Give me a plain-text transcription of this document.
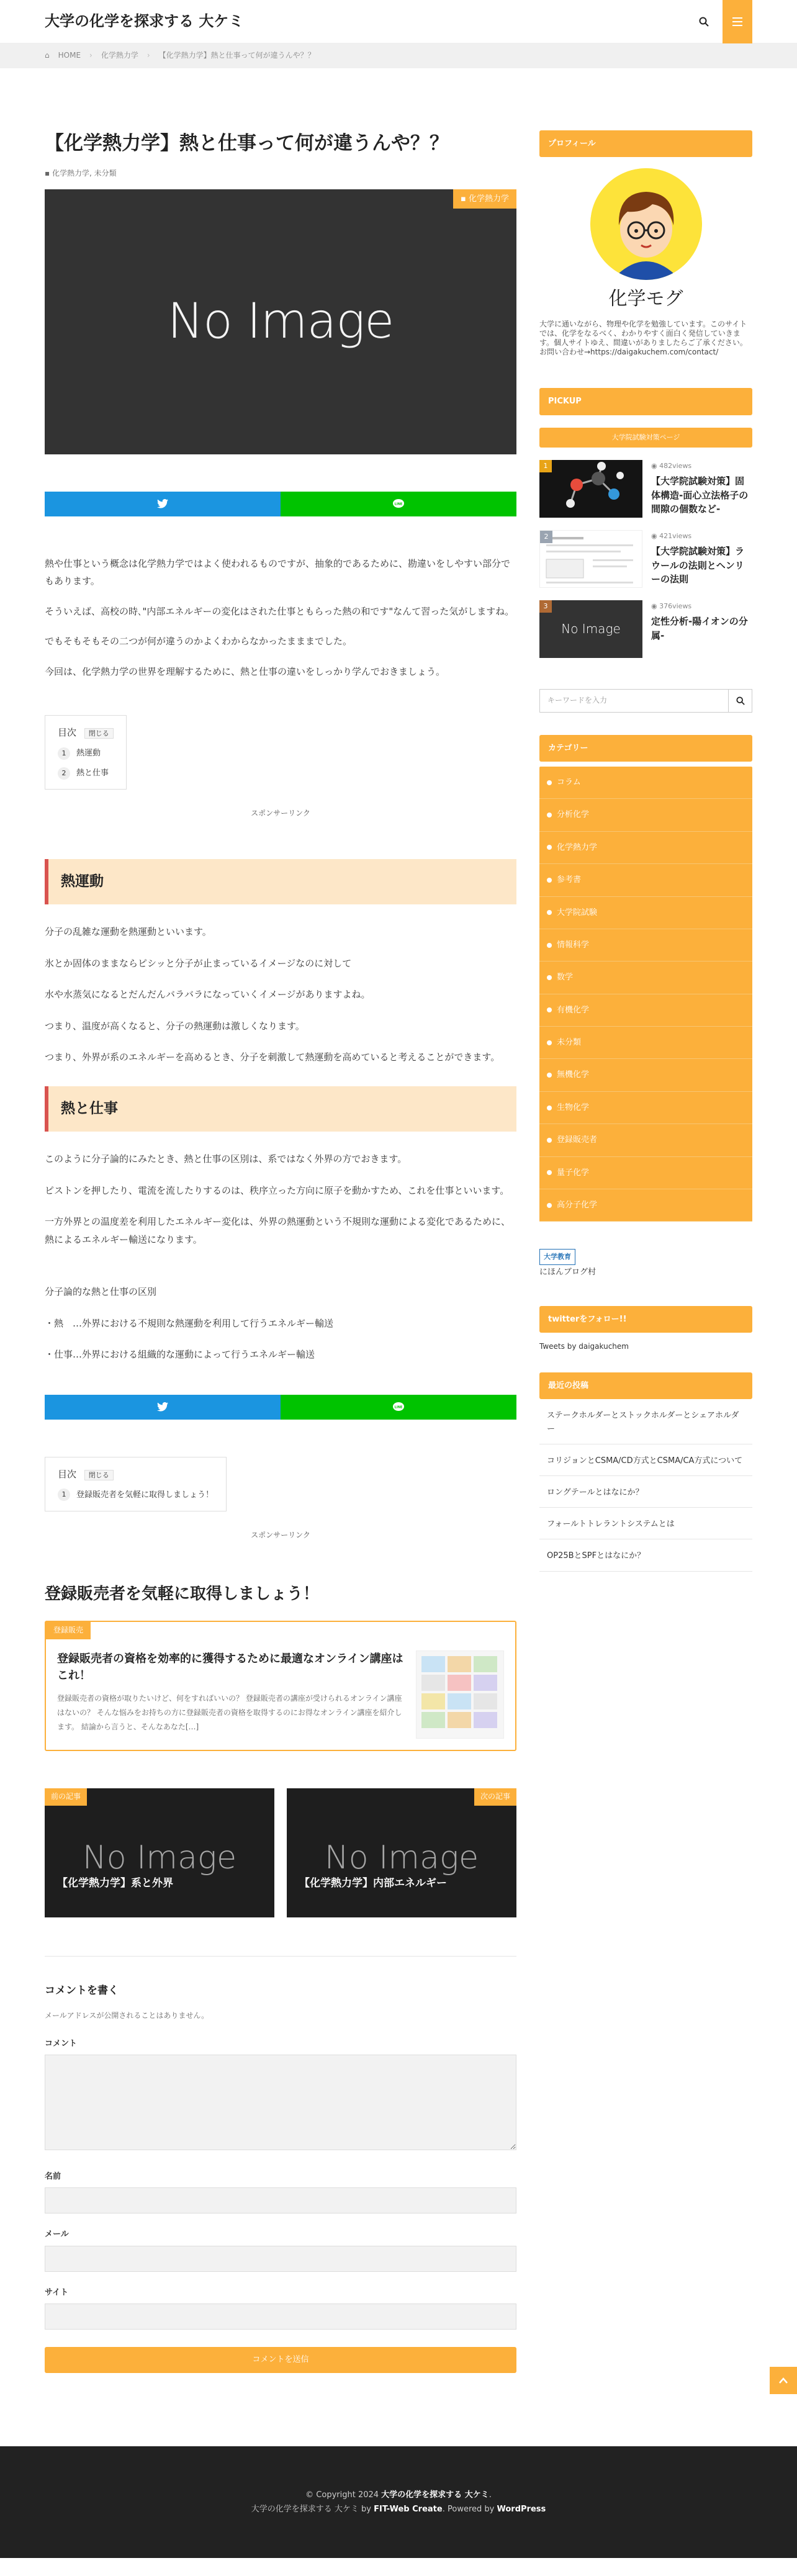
大学の化学を探求する 大ケミ
⌂ HOME › 化学熱力学 › 【化学熱力学】熱と仕事って何が違うんや？？
【化学熱力学】熱と仕事って何が違うんや？？
▪ 化学熱力学, 未分類
No Image
▪ 化学熱力学
LINE

熱や仕事という概念は化学熱力学ではよく使われるものですが、抽象的であるために、勘違いをしやすい部分でもあります。

そういえば、高校の時､"内部エネルギーの変化はされた仕事ともらった熱の和です"なんて習った気がしますね。

でもそもそもその二つが何が違うのかよくわからなかったまままでした。

今回は、化学熱力学の世界を理解するために、熱と仕事の違いをしっかり学んでおきましょう。

目次 閉じる
1	熱運動
2	熱と仕事
スポンサーリンク
熱運動

分子の乱雑な運動を熱運動といいます。

氷とか固体のままならピシッと分子が止まっているイメージなのに対して

水や水蒸気になるとだんだんバラバラになっていくイメージがありますよね。

つまり、温度が高くなると、分子の熱運動は激しくなります。

つまり、外界が系のエネルギーを高めるとき、分子を刺激して熱運動を高めていると考えることができます。

熱と仕事

このように分子論的にみたとき、熱と仕事の区別は、系ではなく外界の方でおきます。

ピストンを押したり、電流を流したりするのは、秩序立った方向に原子を動かすため、これを仕事といいます。

一方外界との温度差を利用したエネルギー変化は、外界の熱運動という不規則な運動による変化であるために、熱によるエネルギー輸送になります。

分子論的な熱と仕事の区別

・熱　…外界における不規則な熱運動を利用して行うエネルギー輸送

・仕事…外界における組織的な運動によって行うエネルギー輸送

LINE
目次 閉じる
1	登録販売者を気軽に取得しましょう！
スポンサーリンク
登録販売者を気軽に取得しましょう！
登録販売
登録販売者の資格を効率的に獲得するために最適なオンライン講座はこれ！
登録販売者の資格が取りたいけど、何をすればいいの？ 登録販売者の講座が受けられるオンライン講座はないの？ そんな悩みをお持ちの方に登録販売者の資格を取得するのにお得なオンライン講座を紹介します。 結論から言うと、そんなあなた[…]
前の記事
No Image
【化学熱力学】系と外界
次の記事
No Image
【化学熱力学】内部エネルギー
コメントを書く
メールアドレスが公開されることはありません。
コメント
名前
メール
サイト
コメントを送信
プロフィール
化学モグ
大学に通いながら、物理や化学を勉強しています。このサイトでは、化学をなるべく、わかりやすく面白く発信していきます。個人サイトゆえ、間違いがありましたらご了承ください。お問い合わせ→https://daigakuchem.com/contact/
PICKUP
大学院試験対策ページ
1	◉ 482views
【大学院試験対策】固体構造-面心立法格子の間隙の個数など-
2	◉ 421views
【大学院試験対策】ラウールの法則とヘンリーの法則
No Image
3	◉ 376views
定性分析-陽イオンの分属-
キーワードを入力
カテゴリー
コラム
分析化学
化学熱力学
参考書
大学院試験
情報科学
数学
有機化学
未分類
無機化学
生物化学
登録販売者
量子化学
高分子化学
大学教育
にほんブログ村
twitterをフォロー!!
Tweets by daigakuchem
最近の投稿
ステークホルダーとストックホルダーとシェアホルダー
コリジョンとCSMA/CD方式とCSMA/CA方式について
ロングテールとはなにか？
フォールトトレラントシステムとは
OP25BとSPFとはなにか？
© Copyright 2024 大学の化学を探求する 大ケミ.
大学の化学を探求する 大ケミ by FIT-Web Create. Powered by WordPress
